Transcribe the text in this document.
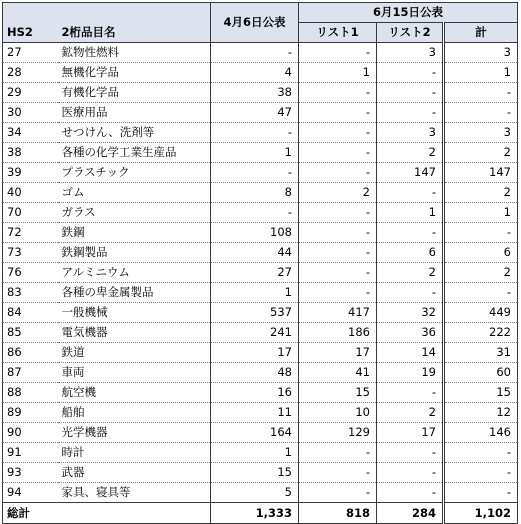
HS2	2桁品目名	4月6日公表	6月15日公表		
			リスト1	リスト2	計
27	鉱物性燃料	-	-	3	3
28	無機化学品	4	1	-	1
29	有機化学品	38	-	-	-
30	医療用品	47	-	-	-
34	せつけん、洗剤等	-	-	3	3
38	各種の化学工業生産品	1	-	2	2
39	プラスチック	-	-	147	147
40	ゴム	8	2	-	2
70	ガラス	-	-	1	1
72	鉄鋼	108	-	-	-
73	鉄鋼製品	44	-	6	6
76	アルミニウム	27	-	2	2
83	各種の卑金属製品	1	-	-	-
84	一般機械	537	417	32	449
85	電気機器	241	186	36	222
86	鉄道	17	17	14	31
87	車両	48	41	19	60
88	航空機	16	15	-	15
89	船舶	11	10	2	12
90	光学機器	164	129	17	146
91	時計	1	-	-	-
93	武器	15	-	-	-
94	家具、寝具等	5	-	-	-
総計		1,333	818	284	1,102
